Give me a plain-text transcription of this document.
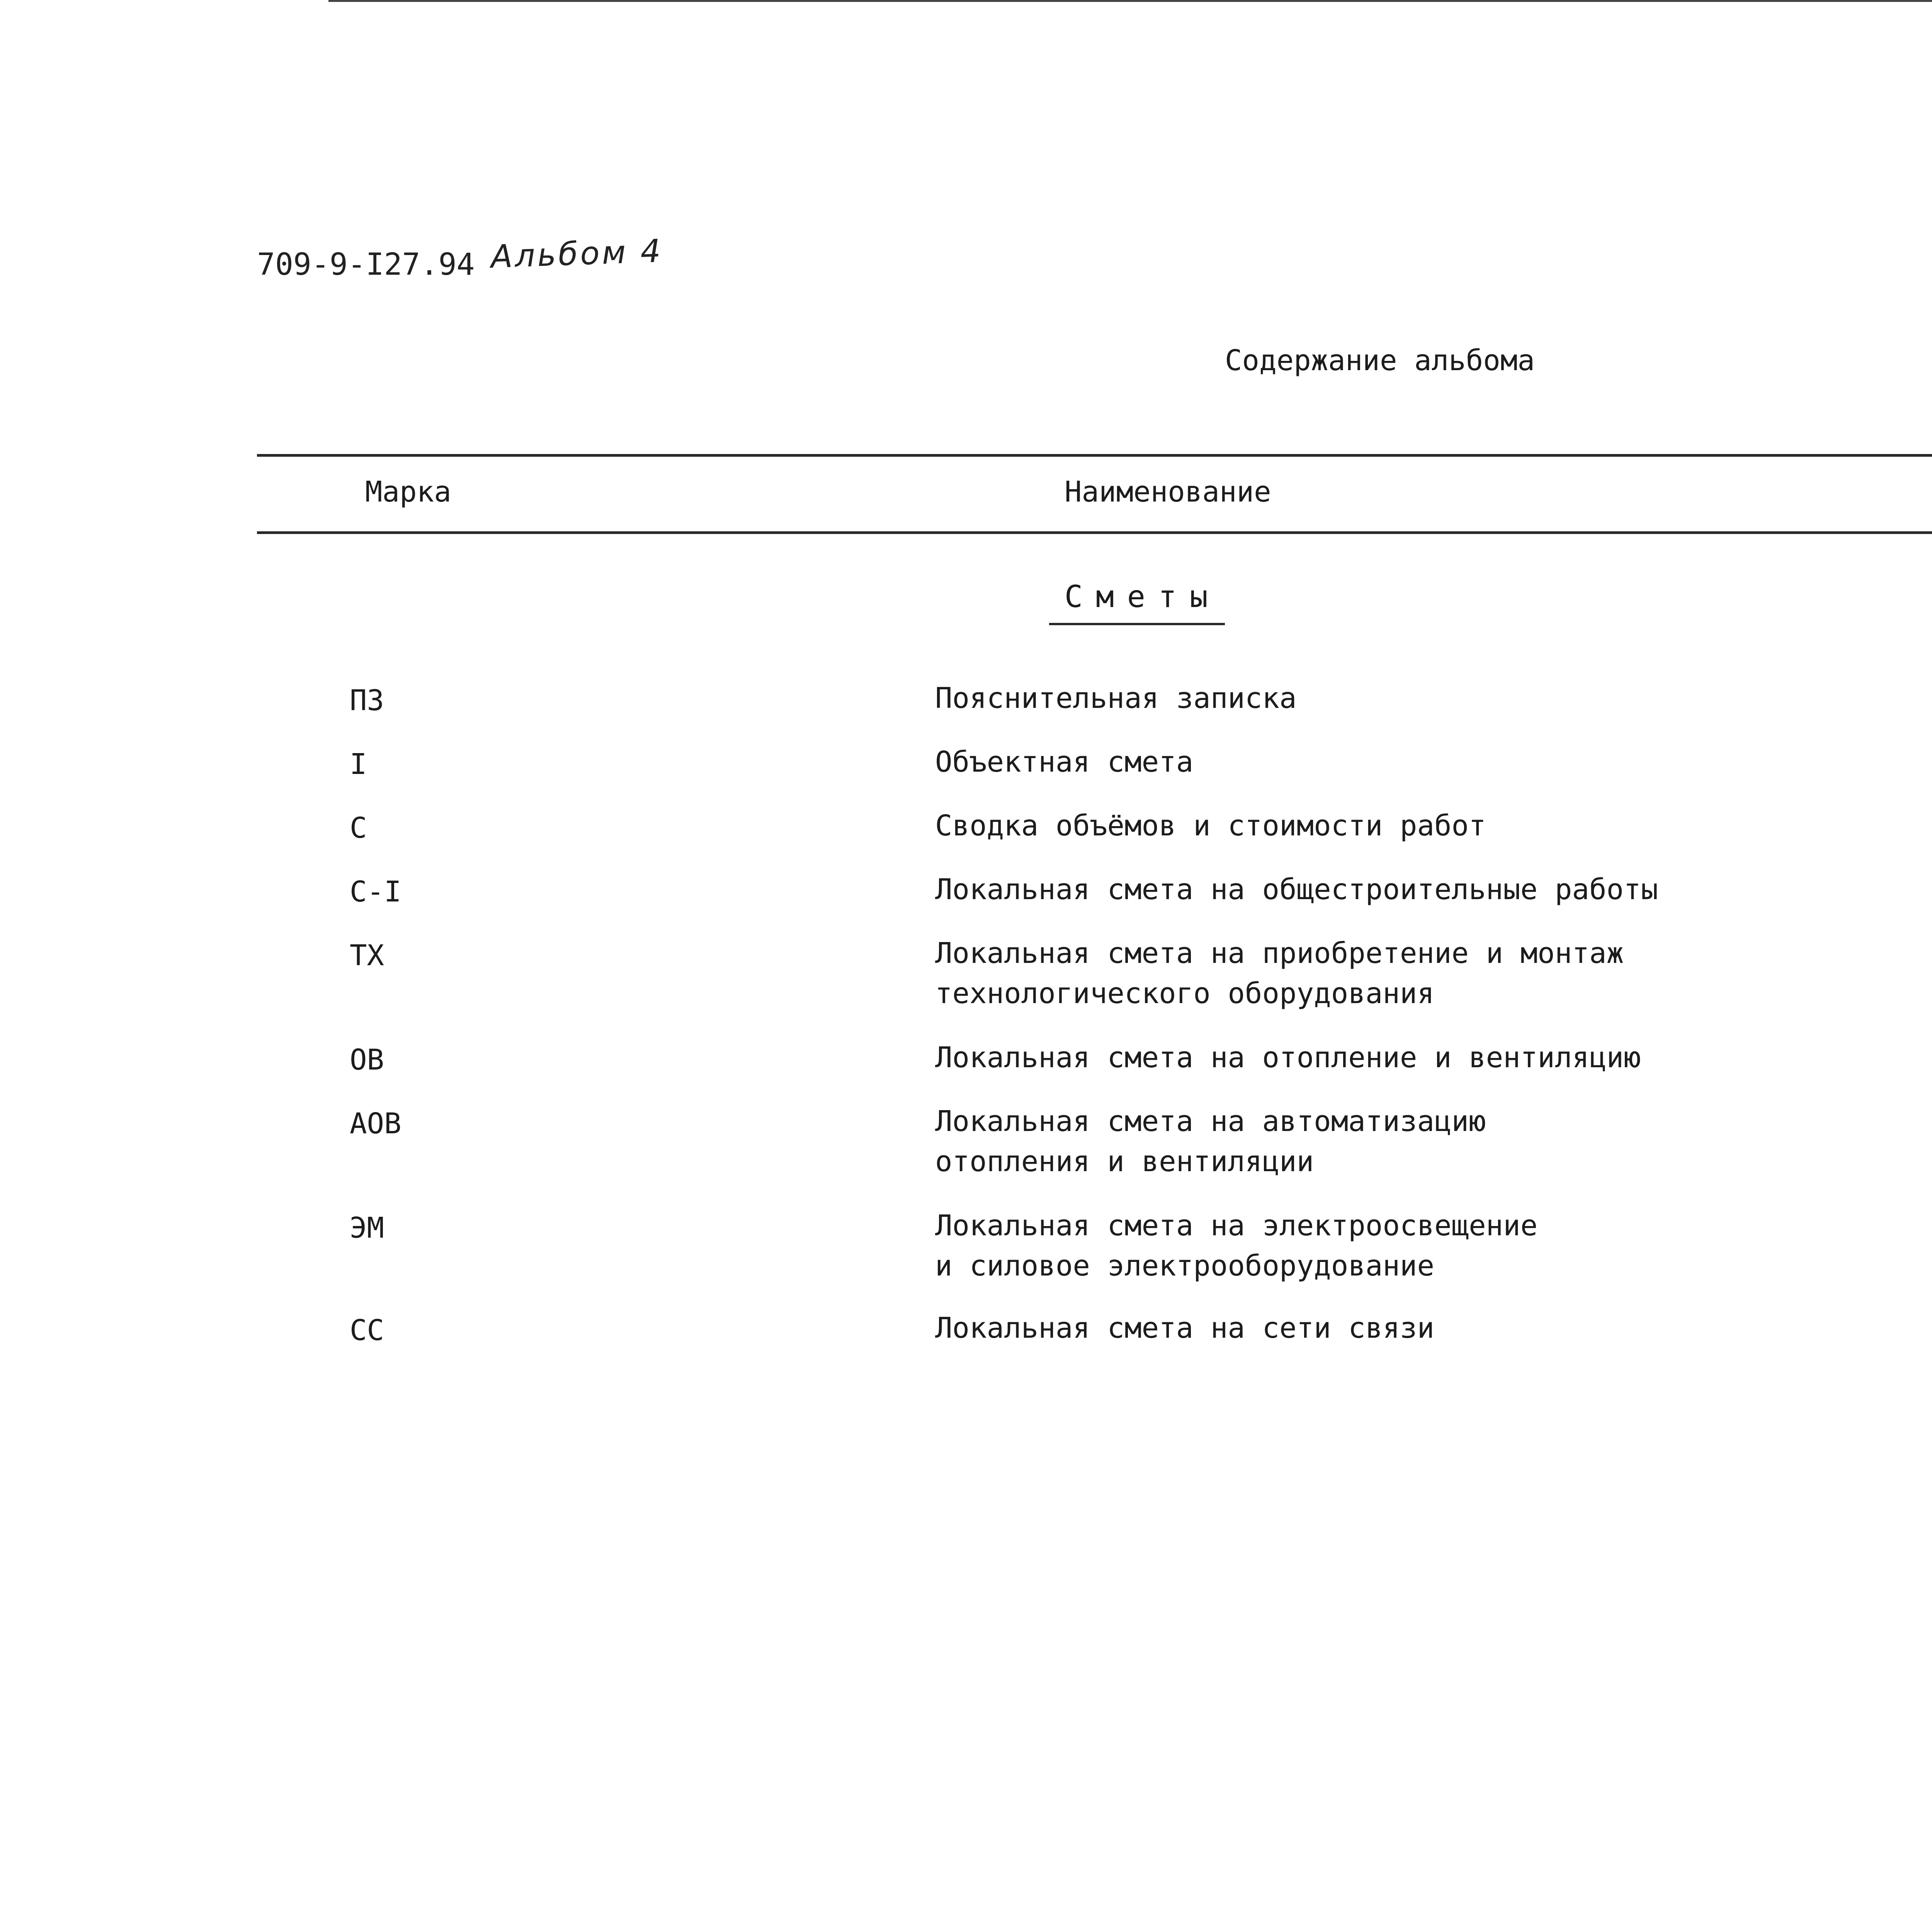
709-9-I27.94 Альбом 4
Содержание альбома
Марка	Наименование
Сметы
ПЗ	Пояснительная записка
I	Объектная смета
С	Сводка объёмов и стоимости работ
С-I	Локальная смета на общестроительные работы
ТХ	Локальная смета на приобретение и монтаж
технологического оборудования
ОВ	Локальная смета на отопление и вентиляцию
АОВ	Локальная смета на автоматизацию
отопления и вентиляции
ЭМ	Локальная смета на электроосвещение
и силовое электрооборудование
СС	Локальная смета на сети связи
